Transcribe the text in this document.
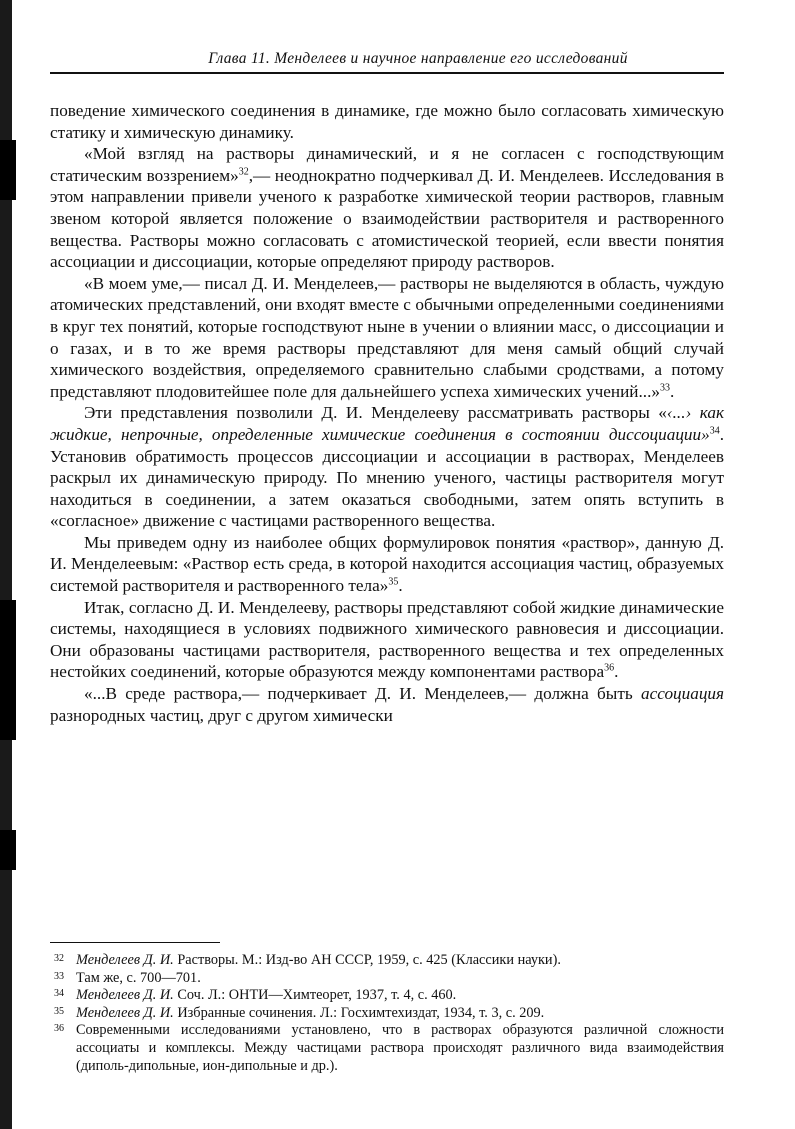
Глава 11. Менделеев и научное направление его исследований

поведение химического соединения в динамике, где можно было согласовать химическую статику и химическую динамику.

«Мой взгляд на растворы динамический, и я не согласен с господствующим статическим воззрением»$^{32}$,— неоднократно подчеркивал Д. И. Менделеев. Исследования в этом направлении привели ученого к разработке химической теории растворов, главным звеном которой является положение о взаимодействии растворителя и растворенного вещества. Растворы можно согласовать с атомистической теорией, если ввести понятия ассоциации и диссоциации, которые определяют природу растворов.

«В моем уме,— писал Д. И. Менделеев,— растворы не выделяются в область, чуждую атомических представлений, они входят вместе с обычными определенными соединениями в круг тех понятий, которые господствуют ныне в учении о влиянии масс, о диссоциации и о газах, и в то же время растворы представляют для меня самый общий случай химического воздействия, определяемого сравнительно слабыми сродствами, а потому представляют плодовитейшее поле для дальнейшего успеха химических учений...»$^{33}$.

Эти представления позволили Д. И. Менделееву рассматривать растворы «‹...› как жидкие, непрочные, определенные химические соединения в состоянии диссоциации»$^{34}$. Установив обратимость процессов диссоциации и ассоциации в растворах, Менделеев раскрыл их динамическую природу. По мнению ученого, частицы растворителя могут находиться в соединении, а затем оказаться свободными, затем опять вступить в «согласное» движение с частицами растворенного вещества.

Мы приведем одну из наиболее общих формулировок понятия «раствор», данную Д. И. Менделеевым: «Раствор есть среда, в которой находится ассоциация частиц, образуемых системой растворителя и растворенного тела»$^{35}$.

Итак, согласно Д. И. Менделееву, растворы представляют собой жидкие динамические системы, находящиеся в условиях подвижного химического равновесия и диссоциации. Они образованы частицами растворителя, растворенного вещества и тех определенных нестойких соединений, которые образуются между компонентами раствора$^{36}$.

«...В среде раствора,— подчеркивает Д. И. Менделеев,— должна быть ассоциация разнородных частиц, друг с другом химически

32 Менделеев Д. И. Растворы. М.: Изд-во АН СССР, 1959, с. 425 (Классики науки).

33 Там же, с. 700—701.

34 Менделеев Д. И. Соч. Л.: ОНТИ—Химтеорет, 1937, т. 4, с. 460.

35 Менделеев Д. И. Избранные сочинения. Л.: Госхимтехиздат, 1934, т. 3, с. 209.

36 Современными исследованиями установлено, что в растворах образуются различной сложности ассоциаты и комплексы. Между частицами раствора происходят различного вида взаимодействия (диполь-дипольные, ион-дипольные и др.).
